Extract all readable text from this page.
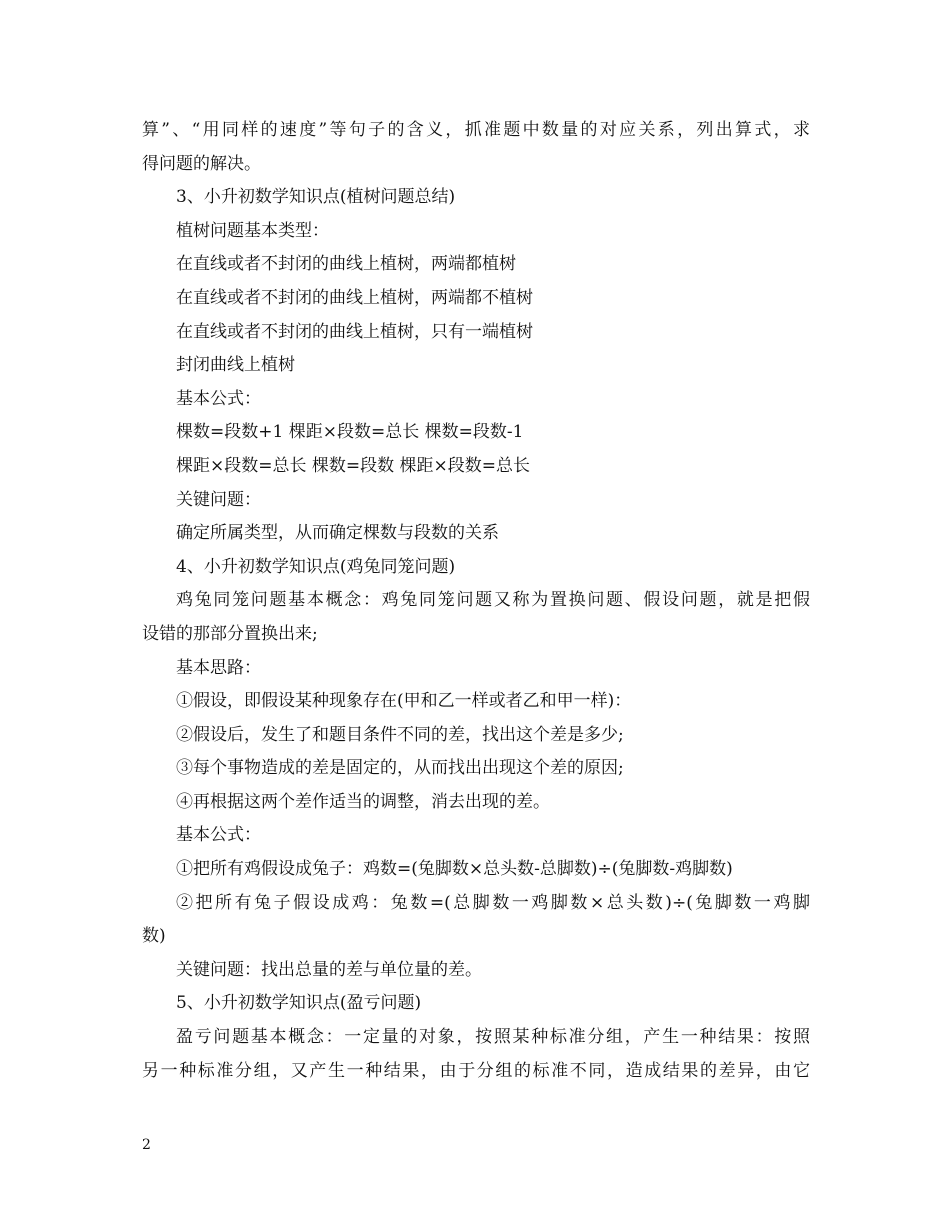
算”、“用同样的速度”等句子的含义，抓准题中数量的对应关系，列出算式，求
得问题的解决。
3、小升初数学知识点(植树问题总结)
植树问题基本类型：
在直线或者不封闭的曲线上植树，两端都植树
在直线或者不封闭的曲线上植树，两端都不植树
在直线或者不封闭的曲线上植树，只有一端植树
封闭曲线上植树
基本公式：
棵数=段数+1 棵距×段数=总长 棵数=段数-1
棵距×段数=总长 棵数=段数 棵距×段数=总长
关键问题：
确定所属类型，从而确定棵数与段数的关系
4、小升初数学知识点(鸡兔同笼问题)
鸡兔同笼问题基本概念：鸡兔同笼问题又称为置换问题、假设问题，就是把假
设错的那部分置换出来;
基本思路：
①假设，即假设某种现象存在(甲和乙一样或者乙和甲一样)：
②假设后，发生了和题目条件不同的差，找出这个差是多少;
③每个事物造成的差是固定的，从而找出出现这个差的原因;
④再根据这两个差作适当的调整，消去出现的差。
基本公式：
①把所有鸡假设成兔子：鸡数=(兔脚数×总头数-总脚数)÷(兔脚数-鸡脚数)
②把所有兔子假设成鸡：兔数=(总脚数一鸡脚数×总头数)÷(兔脚数一鸡脚
数)
关键问题：找出总量的差与单位量的差。
5、小升初数学知识点(盈亏问题)
盈亏问题基本概念：一定量的对象，按照某种标准分组，产生一种结果：按照
另一种标准分组，又产生一种结果，由于分组的标准不同，造成结果的差异，由它
2
